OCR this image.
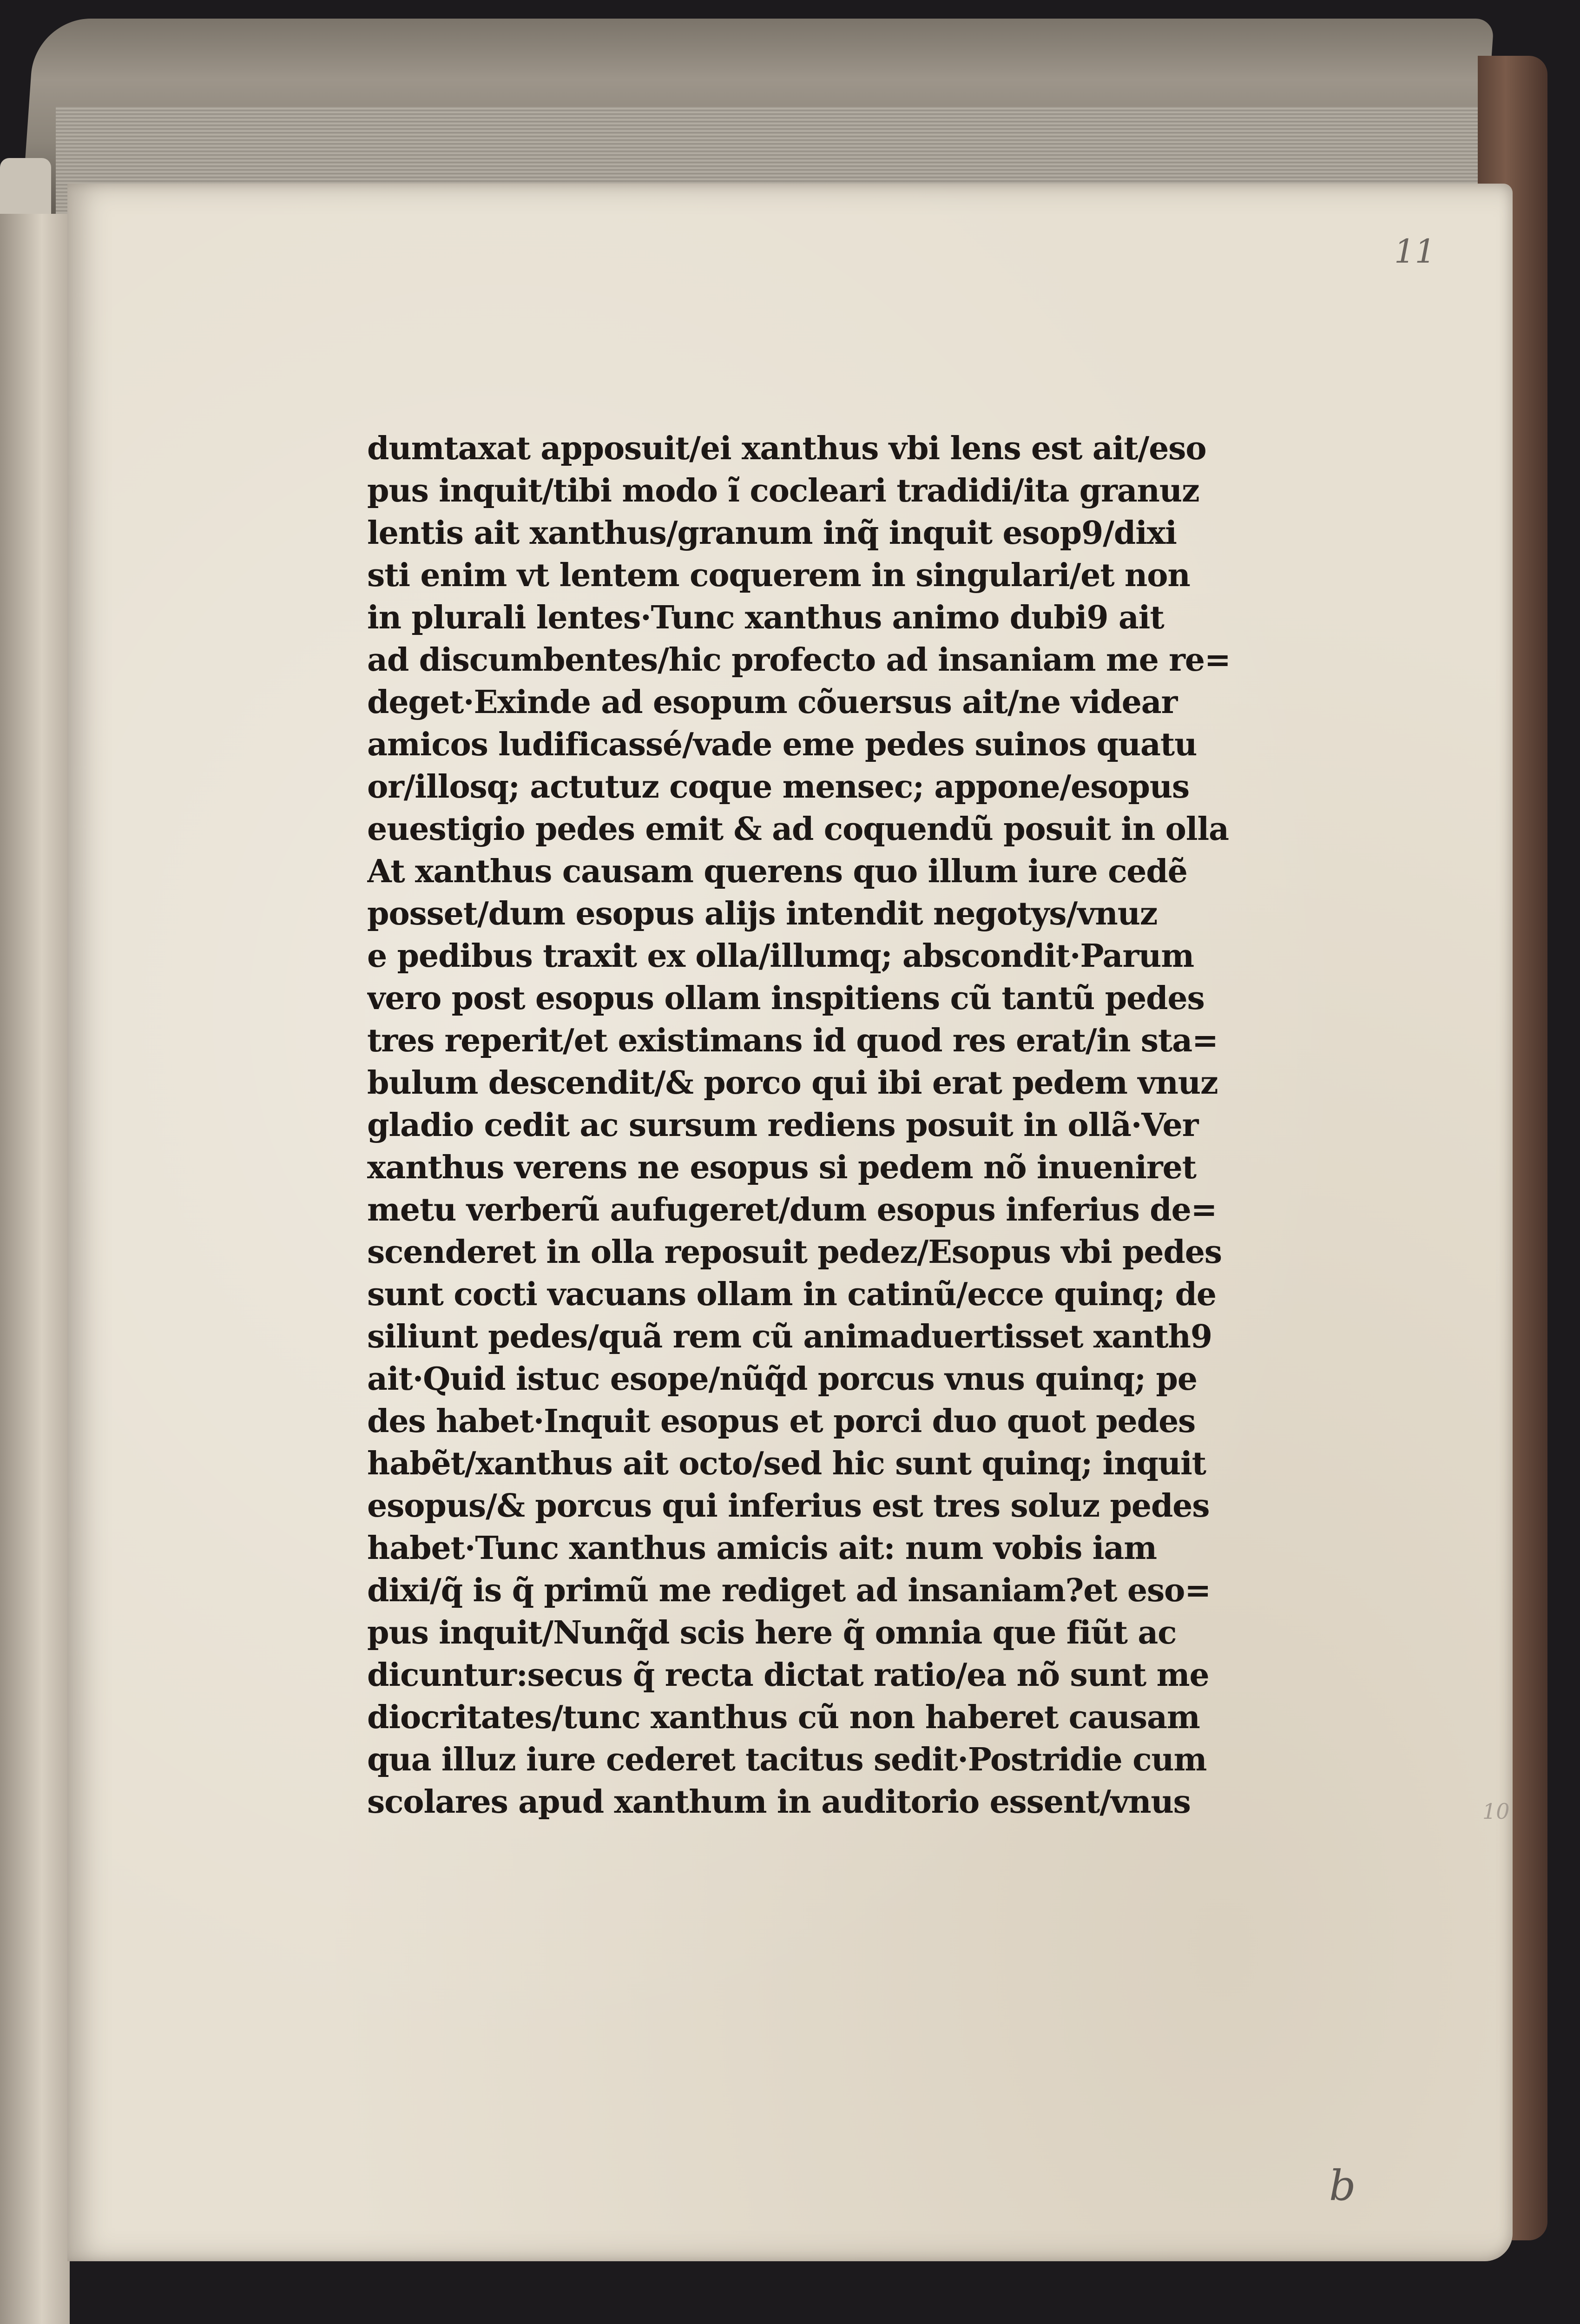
11
10
b
dumtaxat apposuit/ei xanthus vbi lens est ait/eso
pus inquit/tibi modo ĩ cocleari tradidi/ita granuz
lentis ait xanthus/granum inq̃ inquit esop9/dixi
sti enim vt lentem coquerem in singulari/et non
in plurali lentes·Tunc xanthus animo dubi9 ait
ad discumbentes/hic profecto ad insaniam me re=
deget·Exinde ad esopum cõuersus ait/ne videar
amicos ludificassé/vade eme pedes suinos quatu
or/illosq; actutuz coque mensec; appone/esopus
euestigio pedes emit & ad coquendũ posuit in olla
At xanthus causam querens quo illum iure cedẽ
posset/dum esopus alijs intendit negotys/vnuz
e pedibus traxit ex olla/illumq; abscondit·Parum
vero post esopus ollam inspitiens cũ tantũ pedes
tres reperit/et existimans id quod res erat/in sta=
bulum descendit/& porco qui ibi erat pedem vnuz
gladio cedit ac sursum rediens posuit in ollã·Ver
xanthus verens ne esopus si pedem nõ inueniret
metu verberũ aufugeret/dum esopus inferius de=
scenderet in olla reposuit pedez/Esopus vbi pedes
sunt cocti vacuans ollam in catinũ/ecce quinq; de
siliunt pedes/quã rem cũ animaduertisset xanth9
ait·Quid istuc esope/nũq̃d porcus vnus quinq; pe
des habet·Inquit esopus et porci duo quot pedes
habẽt/xanthus ait octo/sed hic sunt quinq; inquit
esopus/& porcus qui inferius est tres soluz pedes
habet·Tunc xanthus amicis ait: num vobis iam
dixi/q̃ is q̃ primũ me rediget ad insaniam?et eso=
pus inquit/Nunq̃d scis here q̃ omnia que fiũt ac
dicuntur:secus q̃ recta dictat ratio/ea nõ sunt me
diocritates/tunc xanthus cũ non haberet causam
qua illuz iure cederet tacitus sedit·Postridie cum
scolares apud xanthum in auditorio essent/vnus
